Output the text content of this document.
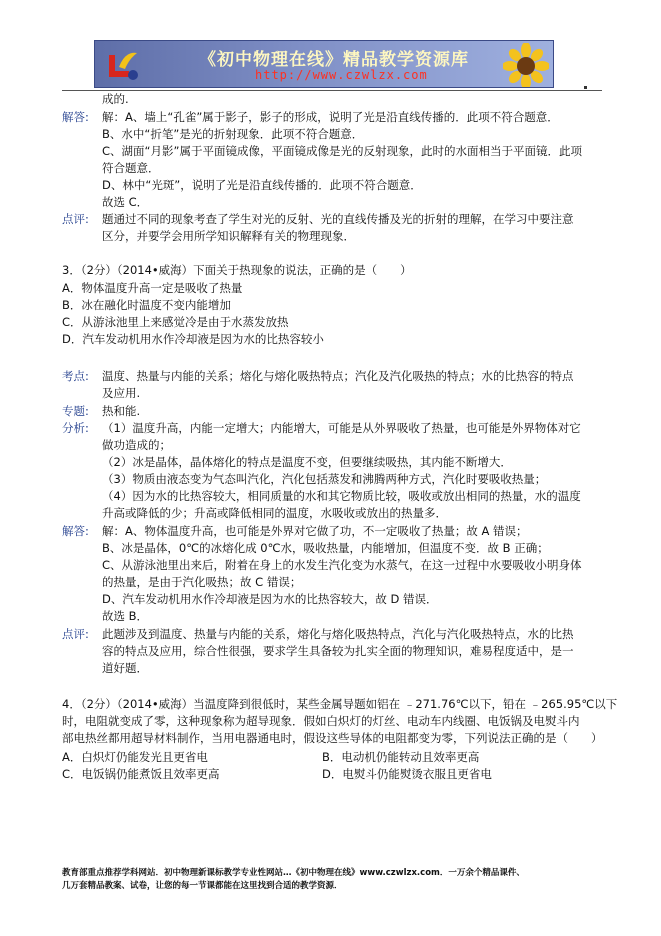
《初中物理在线》精品教学资源库
http://www.czwlzx.com
成的.
解答: 解：A、墙上“孔雀”属于影子，影子的形成，说明了光是沿直线传播的．此项不符合题意．
B、水中“折笔”是光的折射现象．此项不符合题意．
C、湖面“月影”属于平面镜成像，平面镜成像是光的反射现象，此时的水面相当于平面镜．此项
符合题意．
D、林中“光斑”，说明了光是沿直线传播的．此项不符合题意．
故选 C．
点评: 题通过不同的现象考查了学生对光的反射、光的直线传播及光的折射的理解，在学习中要注意
区分，并要学会用所学知识解释有关的物理现象．
3．（2分）（2014•威海）下面关于热现象的说法，正确的是（　　）
A．物体温度升高一定是吸收了热量
B．冰在融化时温度不变内能增加
C．从游泳池里上来感觉冷是由于水蒸发放热
D．汽车发动机用水作冷却液是因为水的比热容较小
考点: 温度、热量与内能的关系；熔化与熔化吸热特点；汽化及汽化吸热的特点；水的比热容的特点
及应用.
专题: 热和能.
分析: （1）温度升高，内能一定增大；内能增大，可能是从外界吸收了热量，也可能是外界物体对它
做功造成的；
（2）冰是晶体，晶体熔化的特点是温度不变，但要继续吸热，其内能不断增大．
（3）物质由液态变为气态叫汽化，汽化包括蒸发和沸腾两种方式，汽化时要吸收热量；
（4）因为水的比热容较大，相同质量的水和其它物质比较，吸收或放出相同的热量，水的温度
升高或降低的少；升高或降低相同的温度，水吸收或放出的热量多．
解答: 解：A、物体温度升高，也可能是外界对它做了功，不一定吸收了热量；故 A 错误；
B、冰是晶体，0℃的冰熔化成 0℃水，吸收热量，内能增加，但温度不变．故 B 正确；
C、从游泳池里出来后，附着在身上的水发生汽化变为水蒸气，在这一过程中水要吸收小明身体
的热量，是由于汽化吸热；故 C 错误；
D、汽车发动机用水作冷却液是因为水的比热容较大，故 D 错误．
故选 B．
点评: 此题涉及到温度、热量与内能的关系，熔化与熔化吸热特点，汽化与汽化吸热特点，水的比热
容的特点及应用，综合性很强，要求学生具备较为扎实全面的物理知识，难易程度适中，是一
道好题．
4．（2分）（2014•威海）当温度降到很低时，某些金属导题如铝在 ﹣271.76℃以下，铅在 ﹣265.95℃以下
时，电阻就变成了零，这种现象称为超导现象．假如白炽灯的灯丝、电动车内线圈、电饭锅及电熨斗内
部电热丝都用超导材料制作，当用电器通电时，假设这些导体的电阻都变为零，下列说法正确的是（　　）
A．白炽灯仍能发光且更省电	B．电动机仍能转动且效率更高
C．电饭锅仍能煮饭且效率更高	D．电熨斗仍能熨烫衣服且更省电
教育部重点推荐学科网站．初中物理新课标教学专业性网站…《初中物理在线》www.czwlzx.com．一万余个精品课件、
几万套精品教案、试卷，让您的每一节课都能在这里找到合适的教学资源．
